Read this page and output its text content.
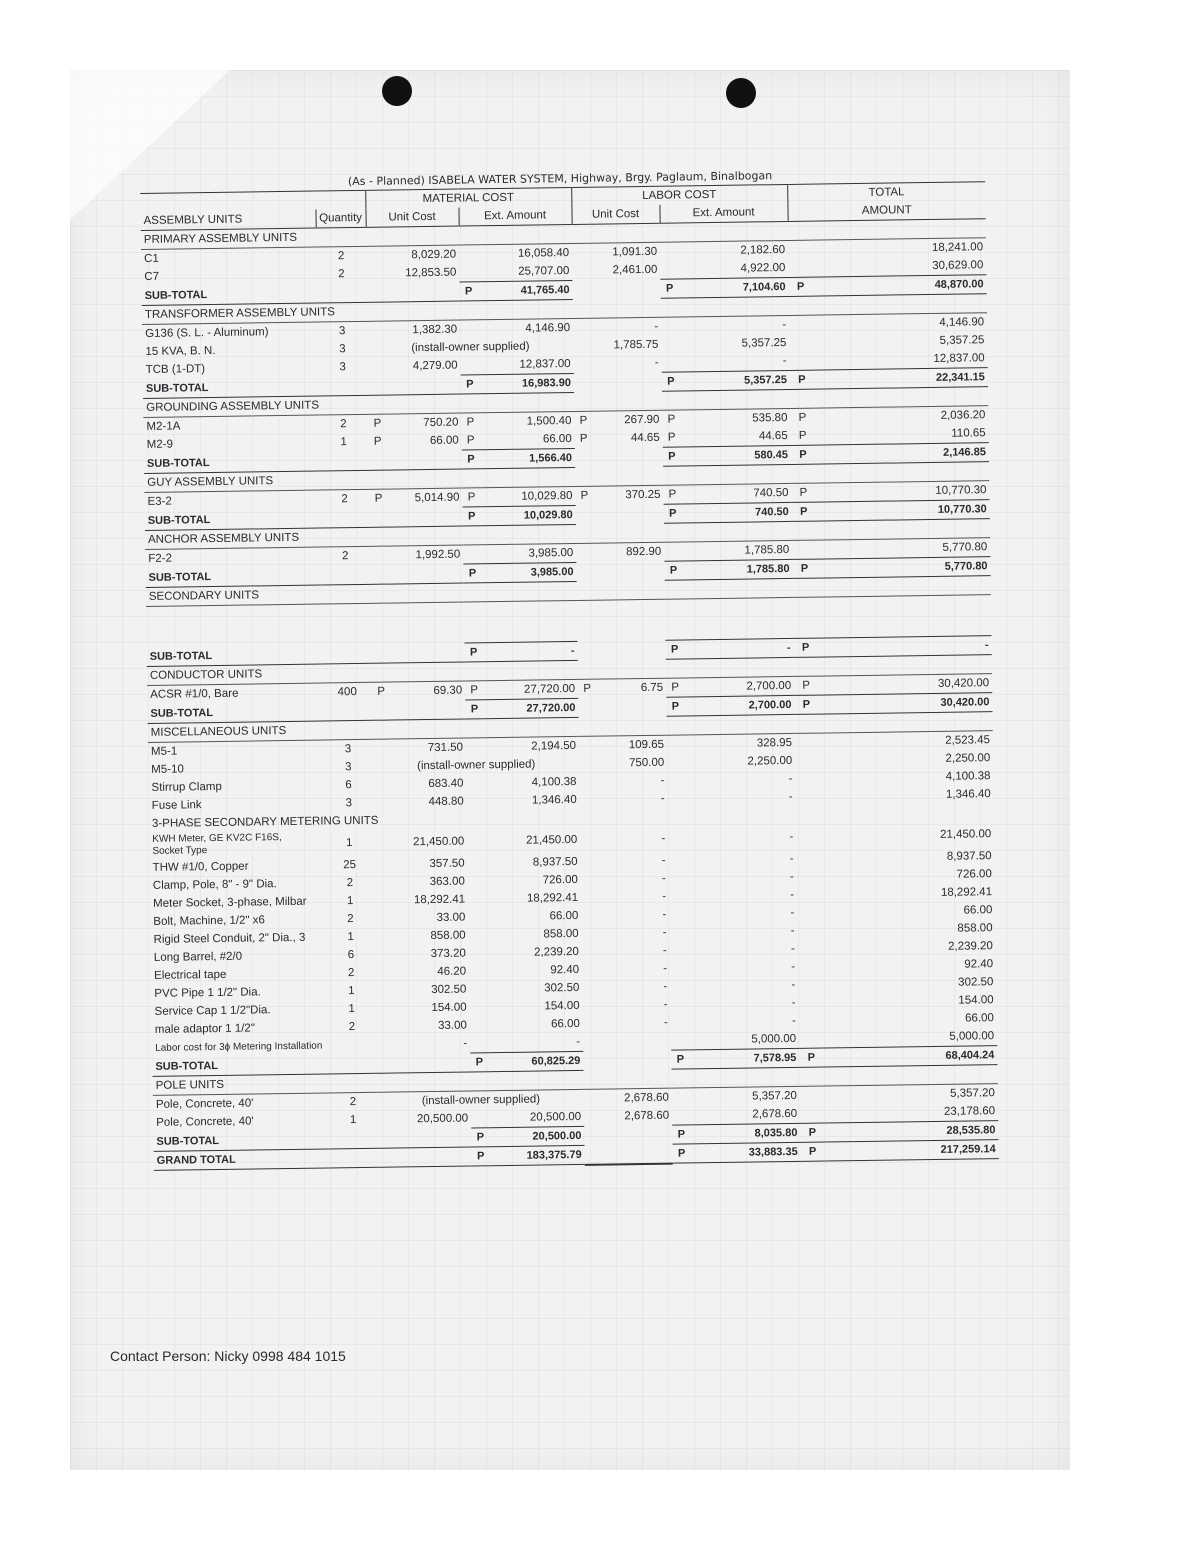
(As - Planned) ISABELA WATER SYSTEM, Highway, Brgy. Paglaum, Binalbogan
		MATERIAL COST				LABOR COST				TOTAL	
ASSEMBLY UNITS	Quantity	Unit Cost		Ext. Amount		Unit Cost		Ext. Amount		AMOUNT	
PRIMARY ASSEMBLY UNITS											
C1	2		8,029.20		16,058.40		1,091.30		2,182.60		18,241.00
C7	2		12,853.50		25,707.00		2,461.00		4,922.00		30,629.00
SUB-TOTAL				P	41,765.40			P	7,104.60	P	48,870.00
TRANSFORMER ASSEMBLY UNITS											
G136 (S. L. - Aluminum)	3		1,382.30		4,146.90		-		-		4,146.90
15 KVA, B. N.	3	(install-owner supplied)					1,785.75		5,357.25		5,357.25
TCB (1-DT)	3		4,279.00		12,837.00		-		-		12,837.00
SUB-TOTAL				P	16,983.90			P	5,357.25	P	22,341.15
GROUNDING ASSEMBLY UNITS											
M2-1A	2	P	750.20	P	1,500.40	P	267.90	P	535.80	P	2,036.20
M2-9	1	P	66.00	P	66.00	P	44.65	P	44.65	P	110.65
SUB-TOTAL				P	1,566.40			P	580.45	P	2,146.85
GUY ASSEMBLY UNITS											
E3-2	2	P	5,014.90	P	10,029.80	P	370.25	P	740.50	P	10,770.30
SUB-TOTAL				P	10,029.80			P	740.50	P	10,770.30
ANCHOR ASSEMBLY UNITS											
F2-2	2		1,992.50		3,985.00		892.90		1,785.80		5,770.80
SUB-TOTAL				P	3,985.00			P	1,785.80	P	5,770.80
SECONDARY UNITS											

SUB-TOTAL				P	-			P	-	P	-
CONDUCTOR UNITS											
ACSR #1/0, Bare	400	P	69.30	P	27,720.00	P	6.75	P	2,700.00	P	30,420.00
SUB-TOTAL				P	27,720.00			P	2,700.00	P	30,420.00
MISCELLANEOUS UNITS											
M5-1	3		731.50		2,194.50		109.65		328.95		2,523.45
M5-10	3	(install-owner supplied)					750.00		2,250.00		2,250.00
Stirrup Clamp	6		683.40		4,100.38		-		-		4,100.38
Fuse Link	3		448.80		1,346.40		-		-		1,346.40
3-PHASE SECONDARY METERING UNITS											

KWH Meter, GE KV2C F16S,
Socket Type	1		21,450.00		21,450.00		-		-		21,450.00
THW #1/0, Copper	25		357.50		8,937.50		-		-		8,937.50
Clamp, Pole, 8" - 9" Dia.	2		363.00		726.00		-		-		726.00
Meter Socket, 3-phase, Milbar	1		18,292.41		18,292.41		-		-		18,292.41
Bolt, Machine, 1/2" x6	2		33.00		66.00		-		-		66.00
Rigid Steel Conduit, 2" Dia., 3	1		858.00		858.00		-		-		858.00
Long Barrel, #2/0	6		373.20		2,239.20		-		-		2,239.20
Electrical tape	2		46.20		92.40		-		-		92.40
PVC Pipe 1 1/2" Dia.	1		302.50		302.50		-		-		302.50
Service Cap 1 1/2"Dia.	1		154.00		154.00		-		-		154.00
male adaptor 1 1/2"	2		33.00		66.00		-		-		66.00
Labor cost for 3ɸ Metering Installation			-		-				5,000.00		5,000.00
SUB-TOTAL				P	60,825.29			P	7,578.95	P	68,404.24
POLE UNITS											
Pole, Concrete, 40'	2	(install-owner supplied)					2,678.60		5,357.20		5,357.20
Pole, Concrete, 40'	1		20,500.00		20,500.00		2,678.60		2,678.60		23,178.60
SUB-TOTAL				P	20,500.00			P	8,035.80	P	28,535.80
GRAND TOTAL				P	183,375.79			P	33,883.35	P	217,259.14
Contact Person: Nicky 0998 484 1015
